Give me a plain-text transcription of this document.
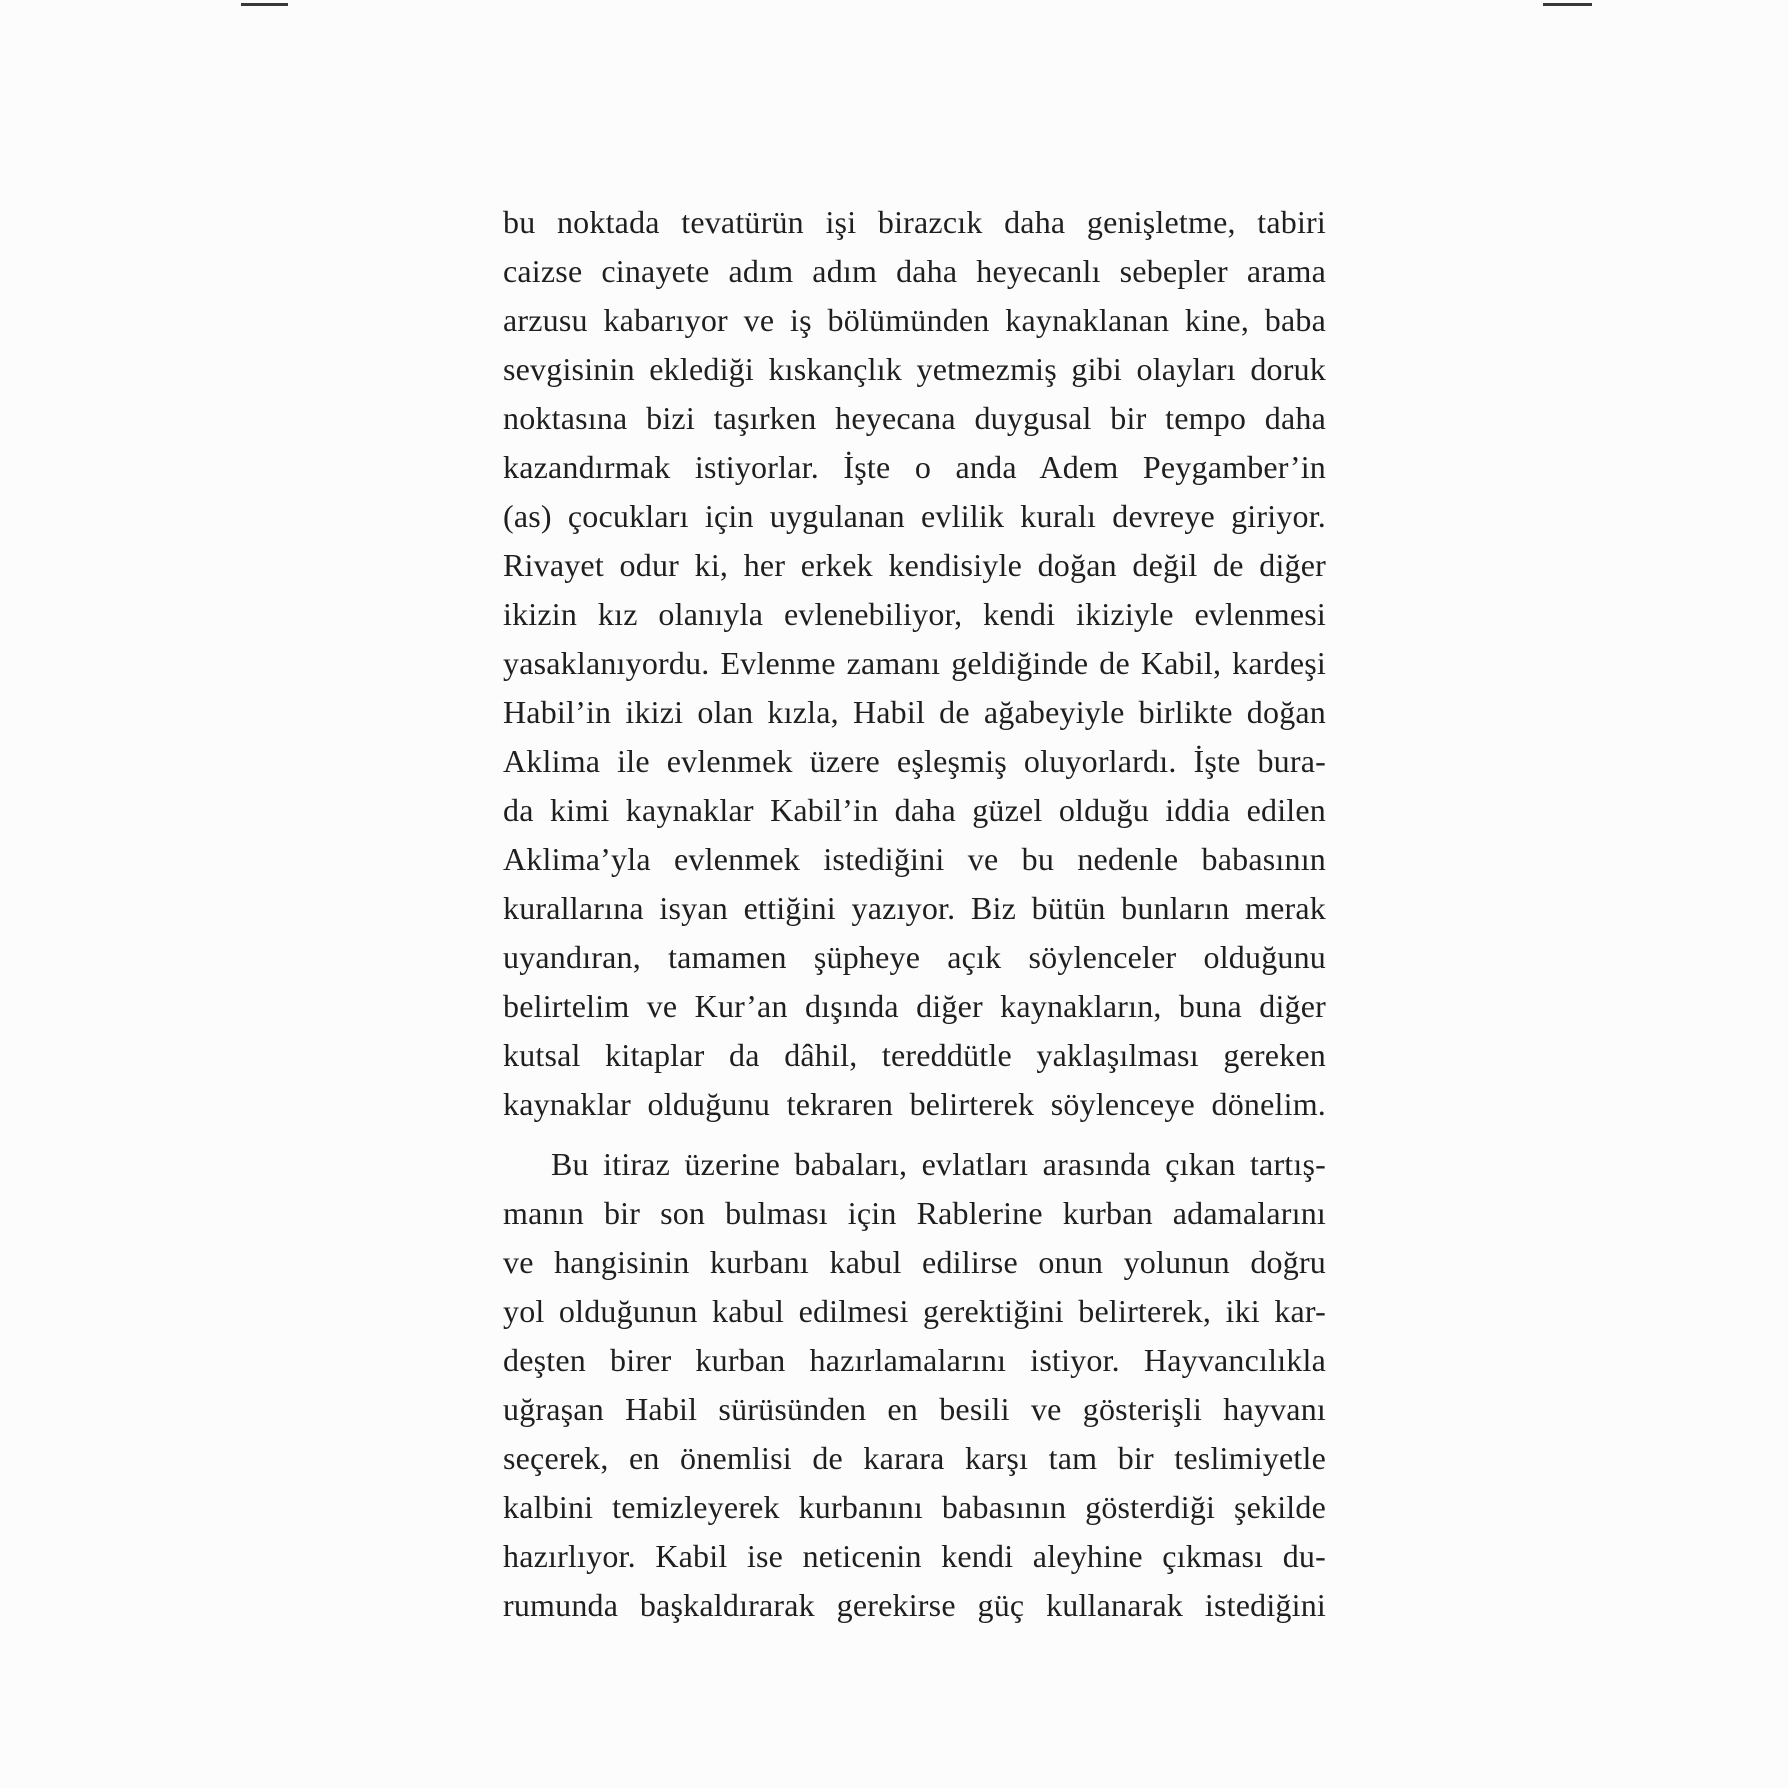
bu noktada tevatürün işi birazcık daha genişletme, tabiri
caizse cinayete adım adım daha heyecanlı sebepler arama
arzusu kabarıyor ve iş bölümünden kaynaklanan kine, baba
sevgisinin eklediği kıskançlık yetmezmiş gibi olayları doruk
noktasına bizi taşırken heyecana duygusal bir tempo daha
kazandırmak istiyorlar. İşte o anda Adem Peygamber’in
(as) çocukları için uygulanan evlilik kuralı devreye giriyor.
Rivayet odur ki, her erkek kendisiyle doğan değil de diğer
ikizin kız olanıyla evlenebiliyor, kendi ikiziyle evlenmesi
yasaklanıyordu. Evlenme zamanı geldiğinde de Kabil, kardeşi
Habil’in ikizi olan kızla, Habil de ağabeyiyle birlikte doğan
Aklima ile evlenmek üzere eşleşmiş oluyorlardı. İşte bura-
da kimi kaynaklar Kabil’in daha güzel olduğu iddia edilen
Aklima’yla evlenmek istediğini ve bu nedenle babasının
kurallarına isyan ettiğini yazıyor. Biz bütün bunların merak
uyandıran, tamamen şüpheye açık söylenceler olduğunu
belirtelim ve Kur’an dışında diğer kaynakların, buna diğer
kutsal kitaplar da dâhil, tereddütle yaklaşılması gereken
kaynaklar olduğunu tekraren belirterek söylenceye dönelim.
Bu itiraz üzerine babaları, evlatları arasında çıkan tartış-
manın bir son bulması için Rablerine kurban adamalarını
ve hangisinin kurbanı kabul edilirse onun yolunun doğru
yol olduğunun kabul edilmesi gerektiğini belirterek, iki kar-
deşten birer kurban hazırlamalarını istiyor. Hayvancılıkla
uğraşan Habil sürüsünden en besili ve gösterişli hayvanı
seçerek, en önemlisi de karara karşı tam bir teslimiyetle
kalbini temizleyerek kurbanını babasının gösterdiği şekilde
hazırlıyor. Kabil ise neticenin kendi aleyhine çıkması du-
rumunda başkaldırarak gerekirse güç kullanarak istediğini
